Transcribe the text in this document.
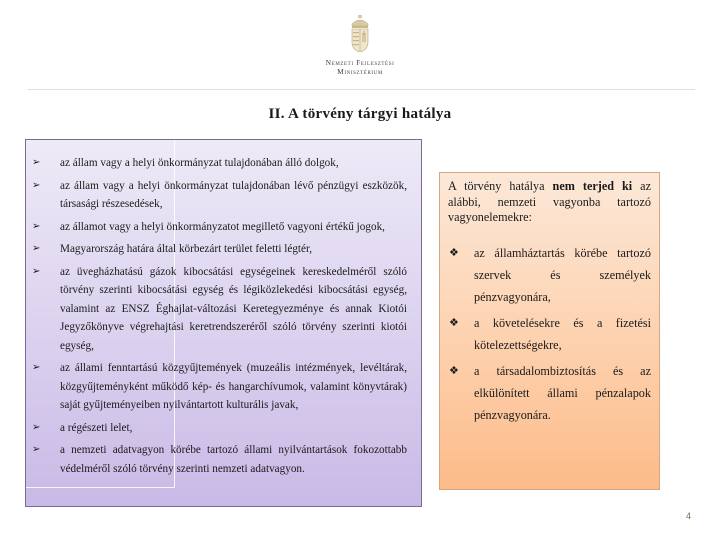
Nemzeti Fejlesztési
Minisztérium
II. A törvény tárgyi hatálya
➢ az állam vagy a helyi önkormányzat tulajdonában álló dolgok,
➢ az állam vagy a helyi önkormányzat tulajdonában lévő pénzügyi eszközök, társasági részesedések,
➢ az államot vagy a helyi önkormányzatot megillető vagyoni értékű jogok,
➢ Magyarország határa által körbezárt terület feletti légtér,
➢ az üvegházhatású gázok kibocsátási egységeinek kereskedelméről szóló törvény szerinti kibocsátási egység és légiközlekedési kibocsátási egység, valamint az ENSZ Éghajlat-változási Keretegyezménye és annak Kiotói Jegyzőkönyve végrehajtási keretrendszeréről szóló törvény szerinti kiotói egység,
➢ az állami fenntartású közgyűjtemények (muzeális intézmények, levéltárak, közgyűjteményként működő kép- és hangarchívumok, valamint könyvtárak) saját gyűjteményeiben nyilvántartott kulturális javak,
➢ a régészeti lelet,
➢ a nemzeti adatvagyon körébe tartozó állami nyilvántartások fokozottabb védelméről szóló törvény szerinti nemzeti adatvagyon.

A törvény hatálya nem terjed ki az alábbi, nemzeti vagyonba tartozó vagyonelemekre:

❖ az államháztartás körébe tartozó szervek és személyek pénzvagyonára,
❖ a követelésekre és a fizetési kötelezettségekre,
❖ a társadalombiztosítás és az elkülönített állami pénzalapok pénzvagyonára.
4
